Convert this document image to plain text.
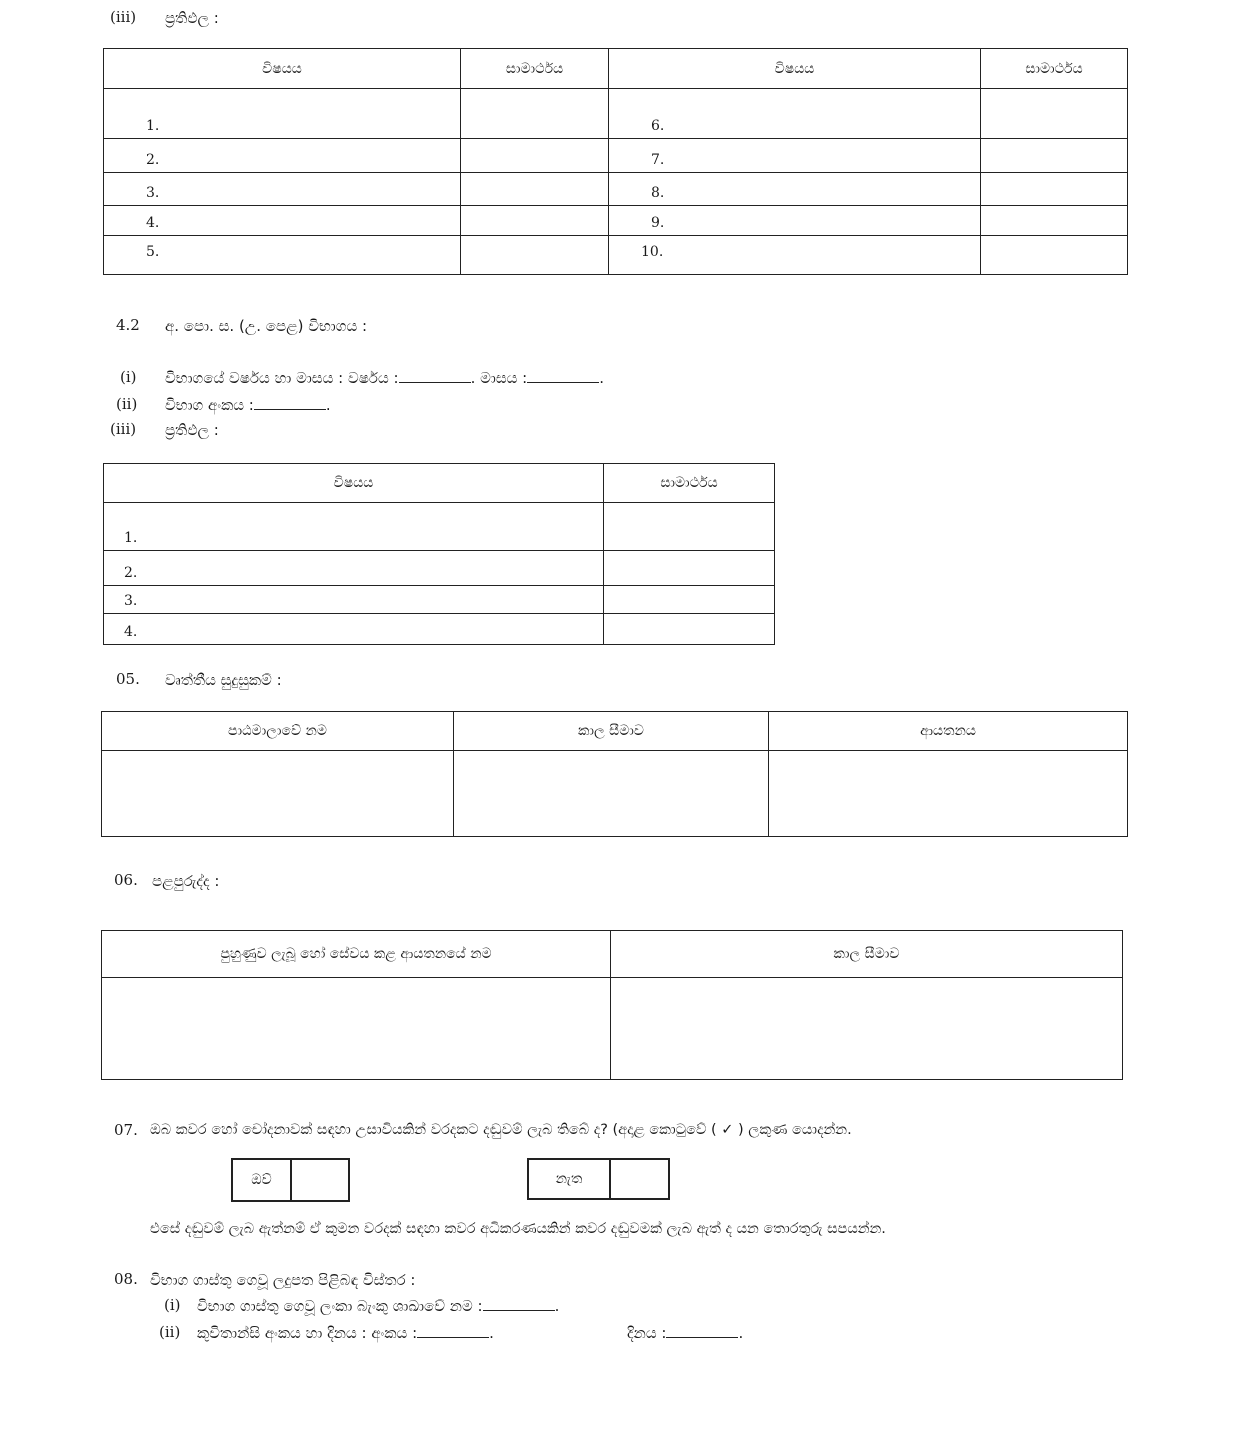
(iii) ප්‍රතිඵල :
විෂයය	සාමාර්ථය	විෂයය	සාමාර්ථය
1.		6.	
2.		7.	
3.		8.	
4.		9.	
5.		10.	
4.2 අ. පො. ස. (උ. පෙළ) විභාගය :
(i) විභාගයේ වර්ෂය හා මාසය : වර්ෂය :	. මාසය :	.
(ii) විභාග අංකය :	.
(iii) ප්‍රතිඵල :
විෂයය	සාමාර්ථය
1.	
2.	
3.	
4.	
05. වෘත්තීය සුදුසුකම් :
පාඨමාලාවේ නම	කාල සීමාව	ආයතනය

06. පළපුරුද්ද :
පුහුණුව ලැබූ හෝ සේවය කළ ආයතනයේ නම	කාල සීමාව

07. ඔබ කවර හෝ චෝදනාවක් සඳහා උසාවියකින් වරදකට දඬුවම් ලැබ තිබේ ද? (අදාළ කොටුවේ ( ✓ ) ලකුණ යොදන්න.
ඔව්	නැත
එසේ දඬුවම් ලැබ ඇත්නම් ඒ කුමන වරදක් සඳහා කවර අධිකරණයකින් කවර දඬුවමක් ලැබ ඇත් ද යන තොරතුරු සපයන්න.
08. විභාග ගාස්තු ගෙවූ ලදුපත පිළිබඳ විස්තර :
(i) විභාග ගාස්තු ගෙවූ ලංකා බැංකු ශාඛාවේ නම :	.
(ii) කුවිතාන්සි අංකය හා දිනය : අංකය :	.	දිනය :	.
